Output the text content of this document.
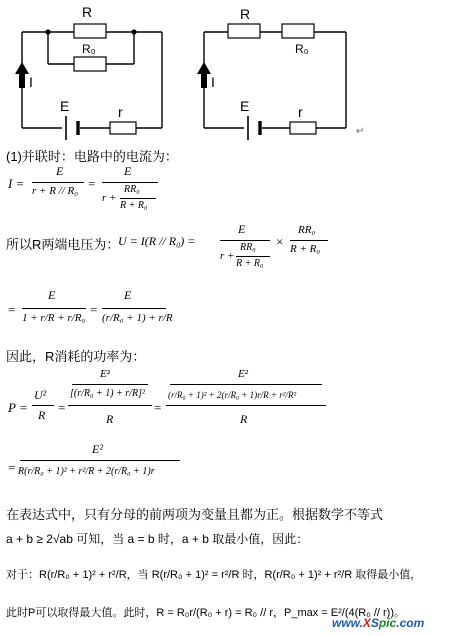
R
R₀
I
E	r
R
R₀
I
E	r
↵
(1)并联时：电路中的电流为：
I =
E
r + R // R₀ =
E
r +
RR₀
R + R₀
所以R两端电压为：
U = I(R // R₀) =
E
r +
RR₀
R + R₀
×
RR₀
R + R₀
=
E
1 + r/R + r/R₀
=
E
(r/R₀ + 1) + r/R
因此，R消耗的功率为：
P =
U²
R =
E²
[(r/R₀ + 1) + r/R]²
R
=
E²
(r/R₀ + 1)² + 2(r/R₀ + 1)r/R + r²/R²
R
=
E²
R(r/R₀ + 1)² + r²/R + 2(r/R₀ + 1)r
在表达式中，只有分母的前两项为变量且都为正。根据数学不等式
a + b ≥ 2√ab 可知，当 a = b 时，a + b 取最小值，因此：
对于：R(r/R₀ + 1)² + r²/R，当 R(r/R₀ + 1)² = r²/R 时，R(r/R₀ + 1)² + r²/R 取得最小值，
此时P可以取得最大值。此时，R = R₀r/(R₀ + r) = R₀ // r，P_max = E²/(4(R₀ // r))。
www.XSpic.com
